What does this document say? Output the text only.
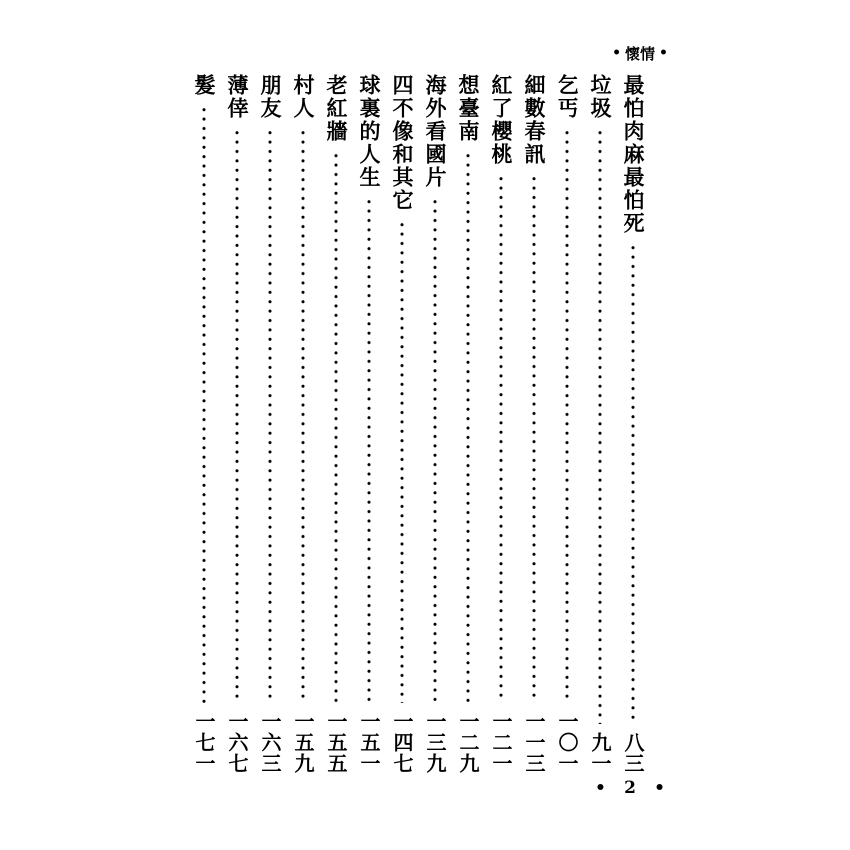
• 懷情 •
最怕肉麻最怕死
八三
垃圾
九一
乞丐
一〇一
細數春訊
一一三
紅了櫻桃
一二一
想臺南
一二九
海外看國片
一三九
四不像和其它
一四七
球裏的人生
一五一
老紅牆
一五五
村人
一五九
朋友
一六三
薄倖
一六七
髮
一七一
• 2 •
